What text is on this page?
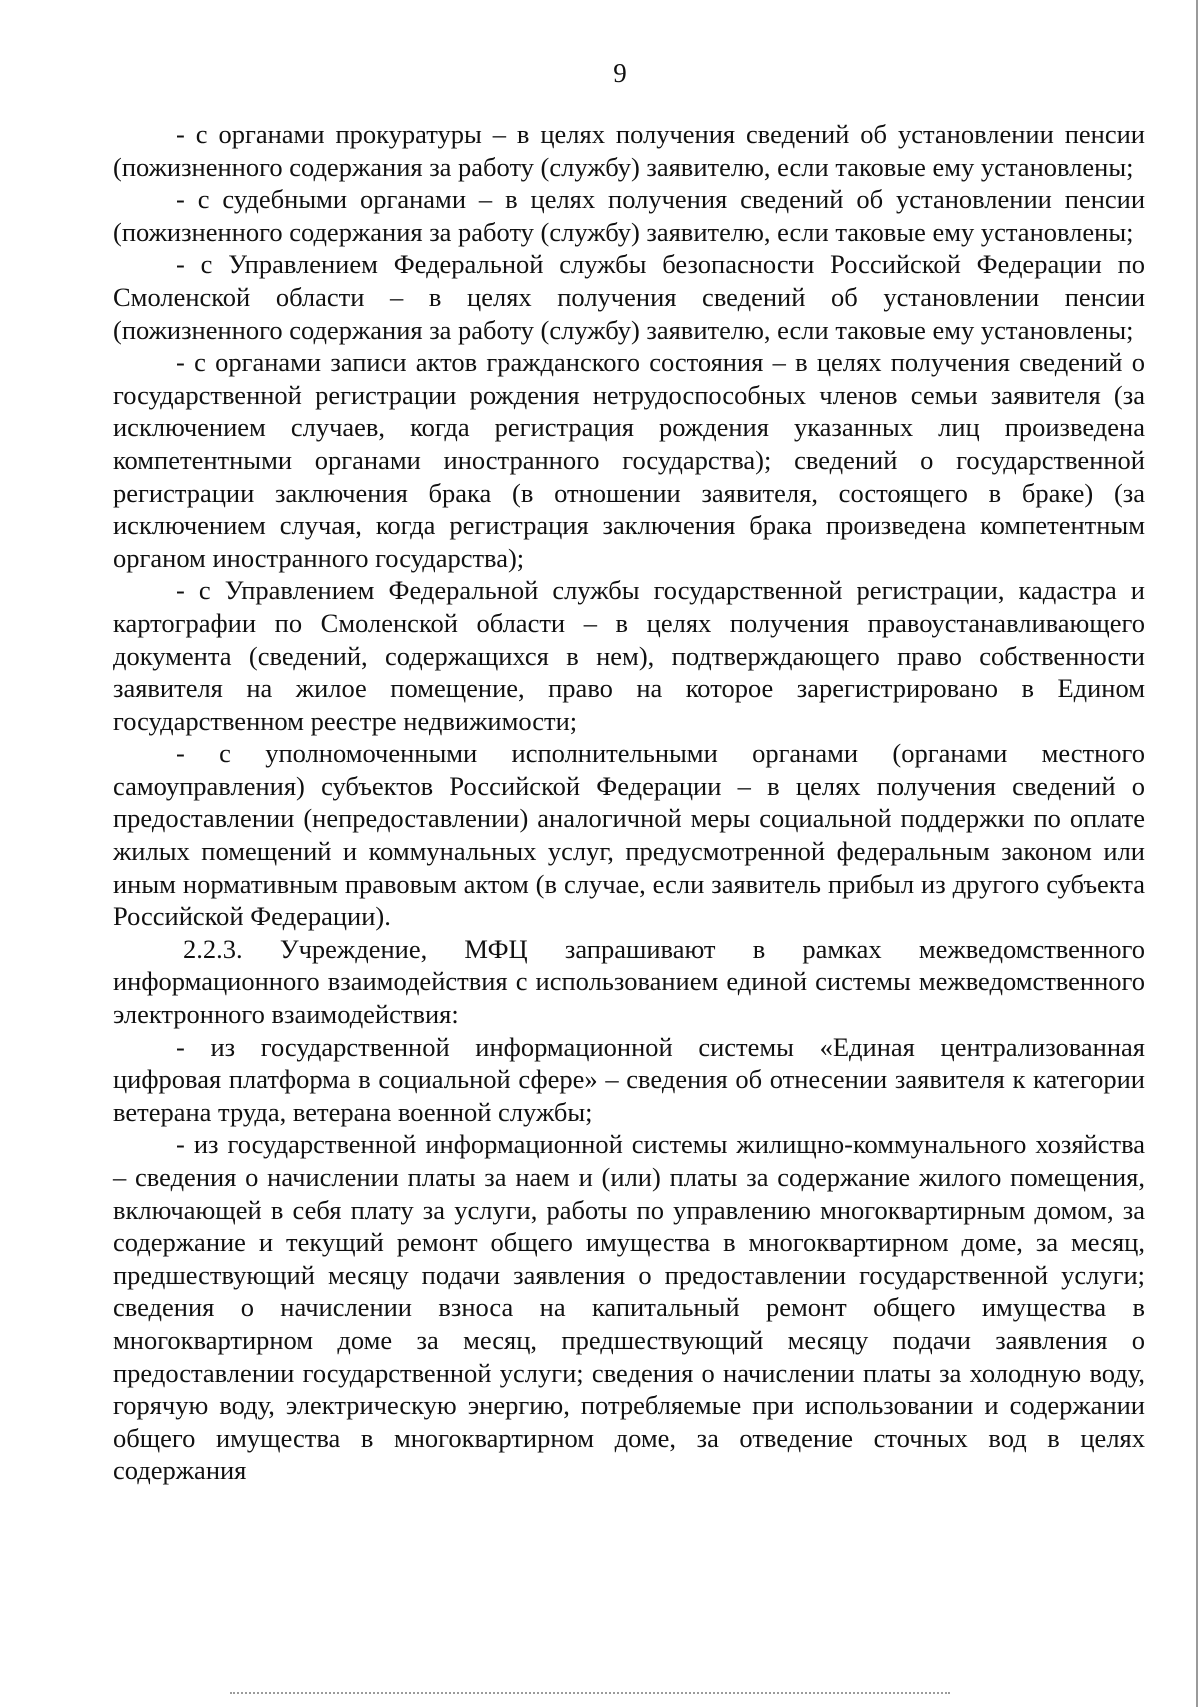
9

- с органами прокуратуры – в целях получения сведений об установлении пенсии (пожизненного содержания за работу (службу) заявителю, если таковые ему установлены;

- с судебными органами – в целях получения сведений об установлении пенсии (пожизненного содержания за работу (службу) заявителю, если таковые ему установлены;

- с Управлением Федеральной службы безопасности Российской Федерации по Смоленской области – в целях получения сведений об установлении пенсии (пожизненного содержания за работу (службу) заявителю, если таковые ему установлены;

- с органами записи актов гражданского состояния – в целях получения сведений о государственной регистрации рождения нетрудоспособных членов семьи заявителя (за исключением случаев, когда регистрация рождения указанных лиц произведена компетентными органами иностранного государства); сведений о государственной регистрации заключения брака (в отношении заявителя, состоящего в браке) (за исключением случая, когда регистрация заключения брака произведена компетентным органом иностранного государства);

- с Управлением Федеральной службы государственной регистрации, кадастра и картографии по Смоленской области – в целях получения правоустанавливающего документа (сведений, содержащихся в нем), подтверждающего право собственности заявителя на жилое помещение, право на которое зарегистрировано в Едином государственном реестре недвижимости;

- с уполномоченными исполнительными органами (органами местного самоуправления) субъектов Российской Федерации – в целях получения сведений о предоставлении (непредоставлении) аналогичной меры социальной поддержки по оплате жилых помещений и коммунальных услуг, предусмотренной федеральным законом или иным нормативным правовым актом (в случае, если заявитель прибыл из другого субъекта Российской Федерации).

2.2.3. Учреждение, МФЦ запрашивают в рамках межведомственного информационного взаимодействия с использованием единой системы межведомственного электронного взаимодействия:

- из государственной информационной системы «Единая централизованная цифровая платформа в социальной сфере» – сведения об отнесении заявителя к категории ветерана труда, ветерана военной службы;

- из государственной информационной системы жилищно-коммунального хозяйства – сведения о начислении платы за наем и (или) платы за содержание жилого помещения, включающей в себя плату за услуги, работы по управлению многоквартирным домом, за содержание и текущий ремонт общего имущества в многоквартирном доме, за месяц, предшествующий месяцу подачи заявления о предоставлении государственной услуги; сведения о начислении взноса на капитальный ремонт общего имущества в многоквартирном доме за месяц, предшествующий месяцу подачи заявления о предоставлении государственной услуги; сведения о начислении платы за холодную воду, горячую воду, электрическую энергию, потребляемые при использовании и содержании общего имущества в многоквартирном доме, за отведение сточных вод в целях содержания
